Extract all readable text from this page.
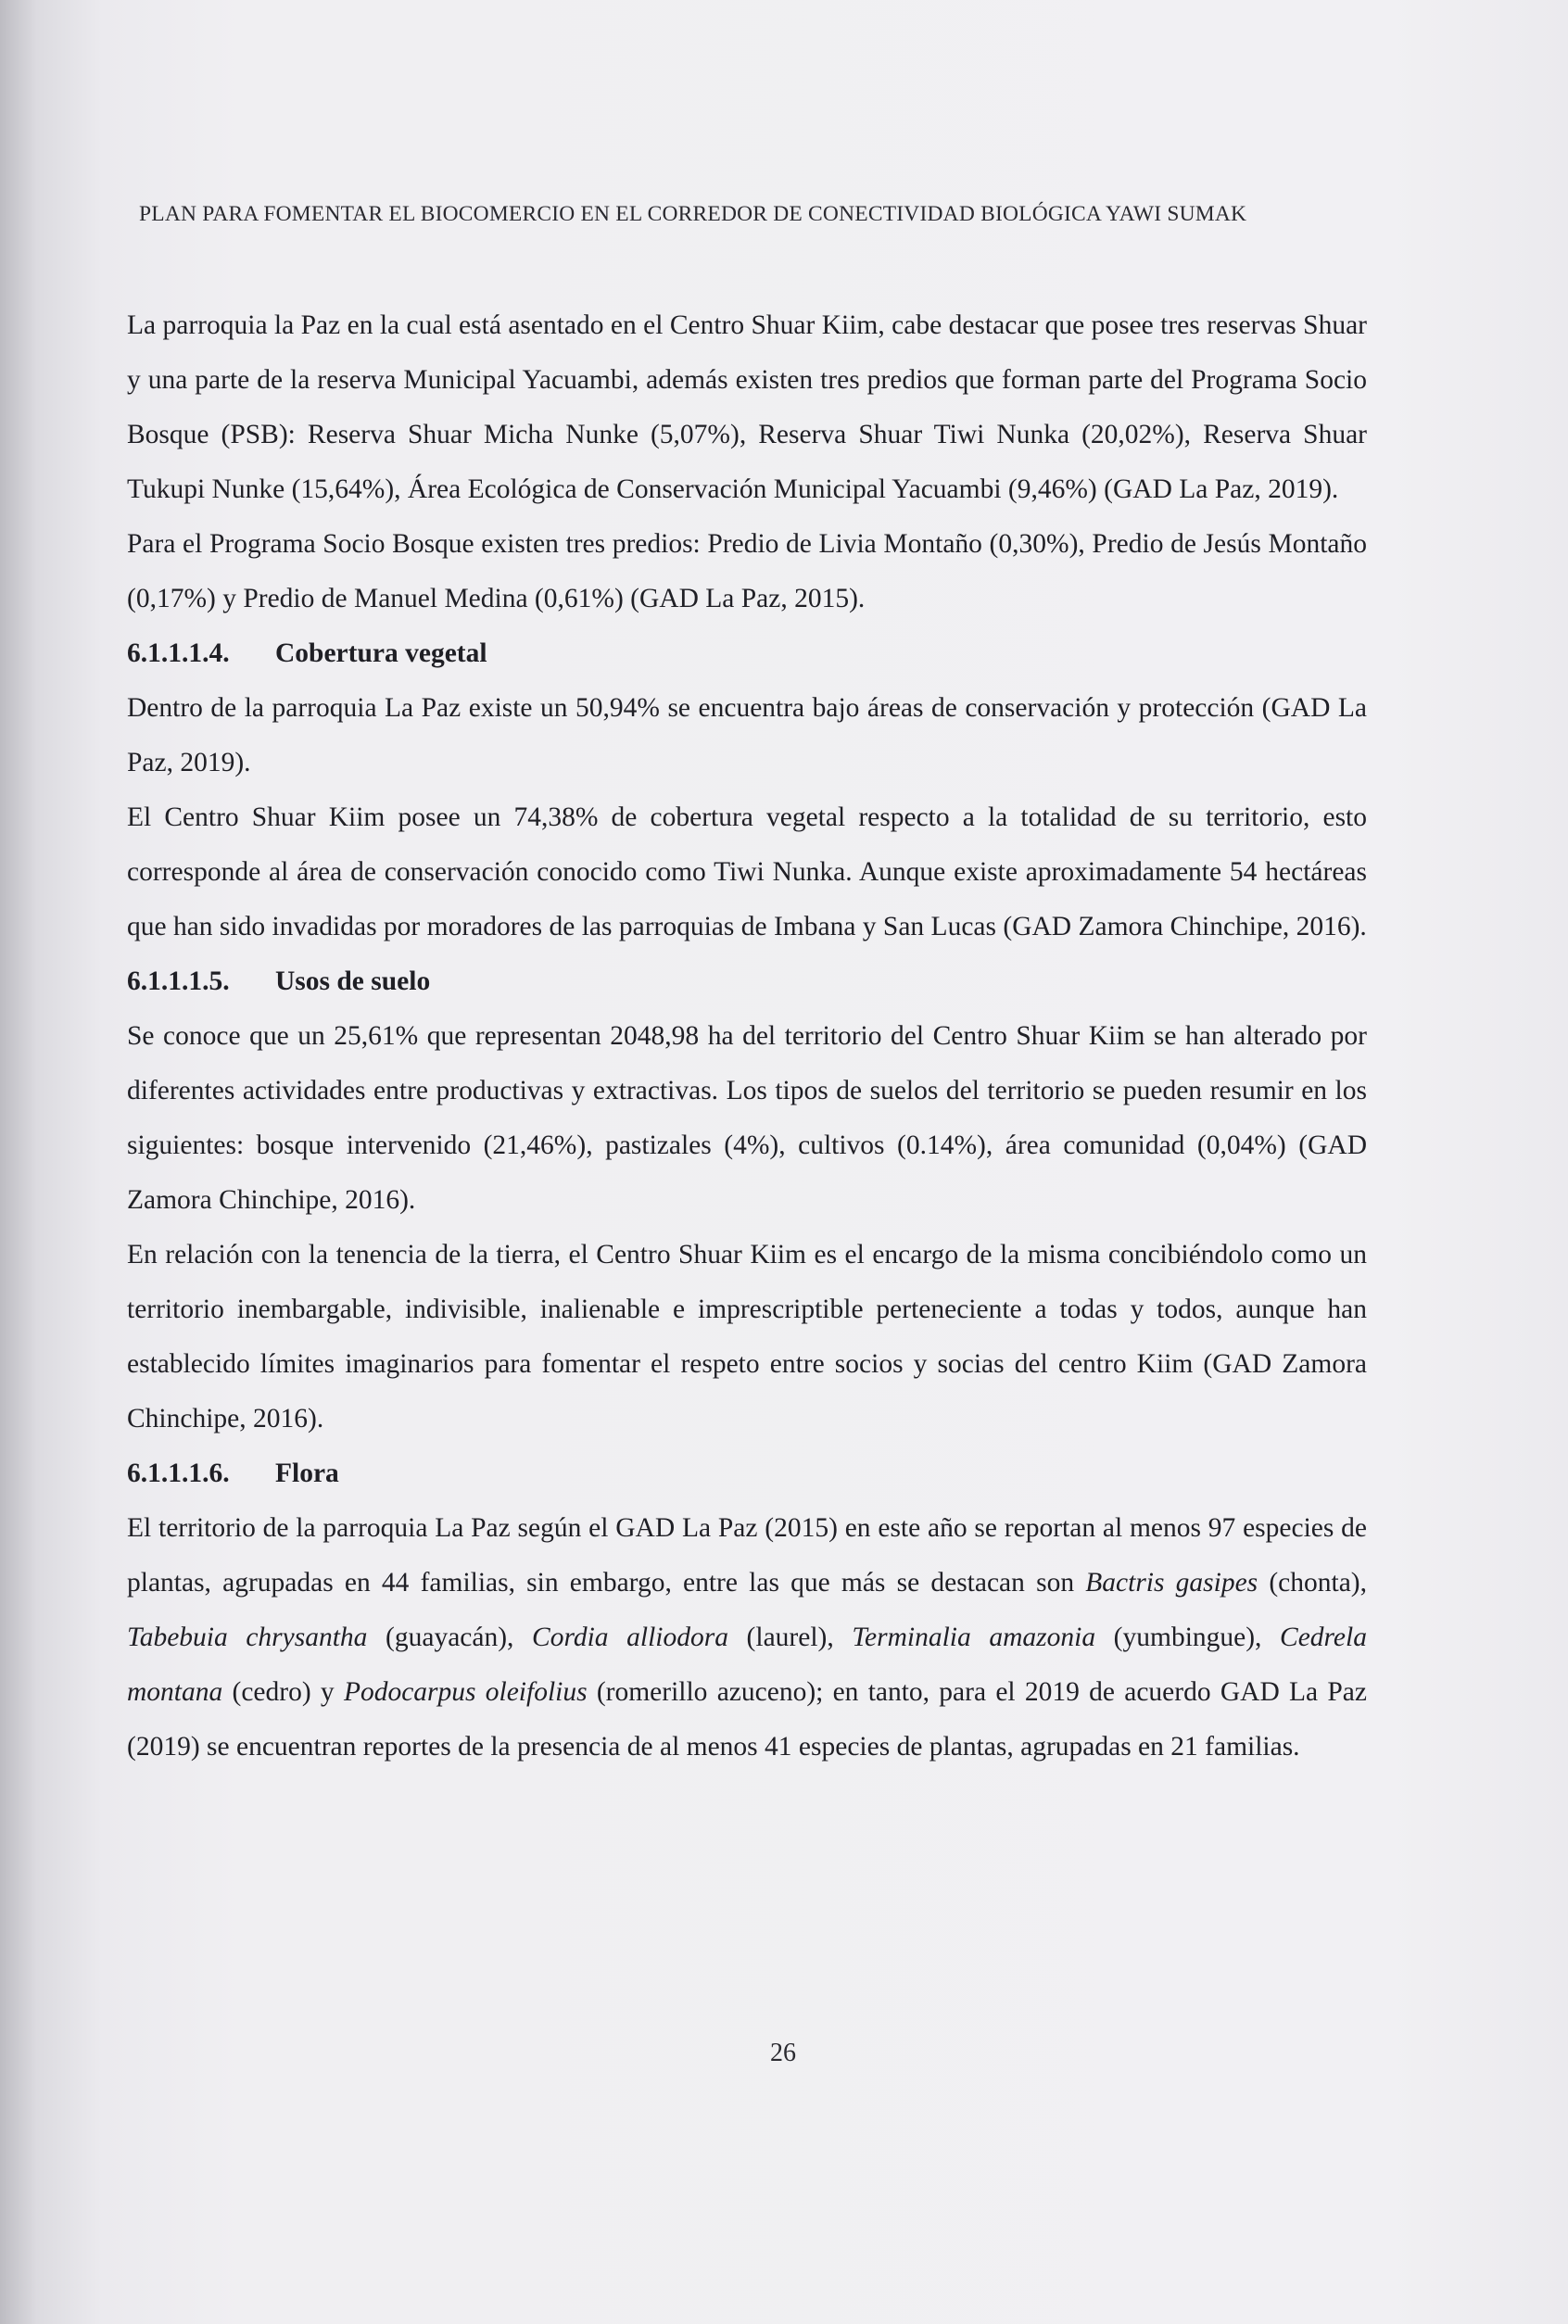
PLAN PARA FOMENTAR EL BIOCOMERCIO EN EL CORREDOR DE CONECTIVIDAD BIOLÓGICA YAWI SUMAK

La parroquia la Paz en la cual está asentado en el Centro Shuar Kiim, cabe destacar que posee tres reservas Shuar y una parte de la reserva Municipal Yacuambi, además existen tres predios que forman parte del Programa Socio Bosque (PSB): Reserva Shuar Micha Nunke (5,07%), Reserva Shuar Tiwi Nunka (20,02%), Reserva Shuar Tukupi Nunke (15,64%), Área Ecológica de Conservación Municipal Yacuambi (9,46%) (GAD La Paz, 2019).

Para el Programa Socio Bosque existen tres predios: Predio de Livia Montaño (0,30%), Predio de Jesús Montaño (0,17%) y Predio de Manuel Medina (0,61%) (GAD La Paz, 2015).

6.1.1.1.4. Cobertura vegetal

Dentro de la parroquia La Paz existe un 50,94% se encuentra bajo áreas de conservación y protección (GAD La Paz, 2019).

El Centro Shuar Kiim posee un 74,38% de cobertura vegetal respecto a la totalidad de su territorio, esto corresponde al área de conservación conocido como Tiwi Nunka. Aunque existe aproximadamente 54 hectáreas que han sido invadidas por moradores de las parroquias de Imbana y San Lucas (GAD Zamora Chinchipe, 2016).

6.1.1.1.5. Usos de suelo

Se conoce que un 25,61% que representan 2048,98 ha del territorio del Centro Shuar Kiim se han alterado por diferentes actividades entre productivas y extractivas. Los tipos de suelos del territorio se pueden resumir en los siguientes: bosque intervenido (21,46%), pastizales (4%), cultivos (0.14%), área comunidad (0,04%) (GAD Zamora Chinchipe, 2016).

En relación con la tenencia de la tierra, el Centro Shuar Kiim es el encargo de la misma concibiéndolo como un territorio inembargable, indivisible, inalienable e imprescriptible perteneciente a todas y todos, aunque han establecido límites imaginarios para fomentar el respeto entre socios y socias del centro Kiim (GAD Zamora Chinchipe, 2016).

6.1.1.1.6. Flora

El territorio de la parroquia La Paz según el GAD La Paz (2015) en este año se reportan al menos 97 especies de plantas, agrupadas en 44 familias, sin embargo, entre las que más se destacan son Bactris gasipes (chonta), Tabebuia chrysantha (guayacán), Cordia alliodora (laurel), Terminalia amazonia (yumbingue), Cedrela montana (cedro) y Podocarpus oleifolius (romerillo azuceno); en tanto, para el 2019 de acuerdo GAD La Paz (2019) se encuentran reportes de la presencia de al menos 41 especies de plantas, agrupadas en 21 familias.

26
